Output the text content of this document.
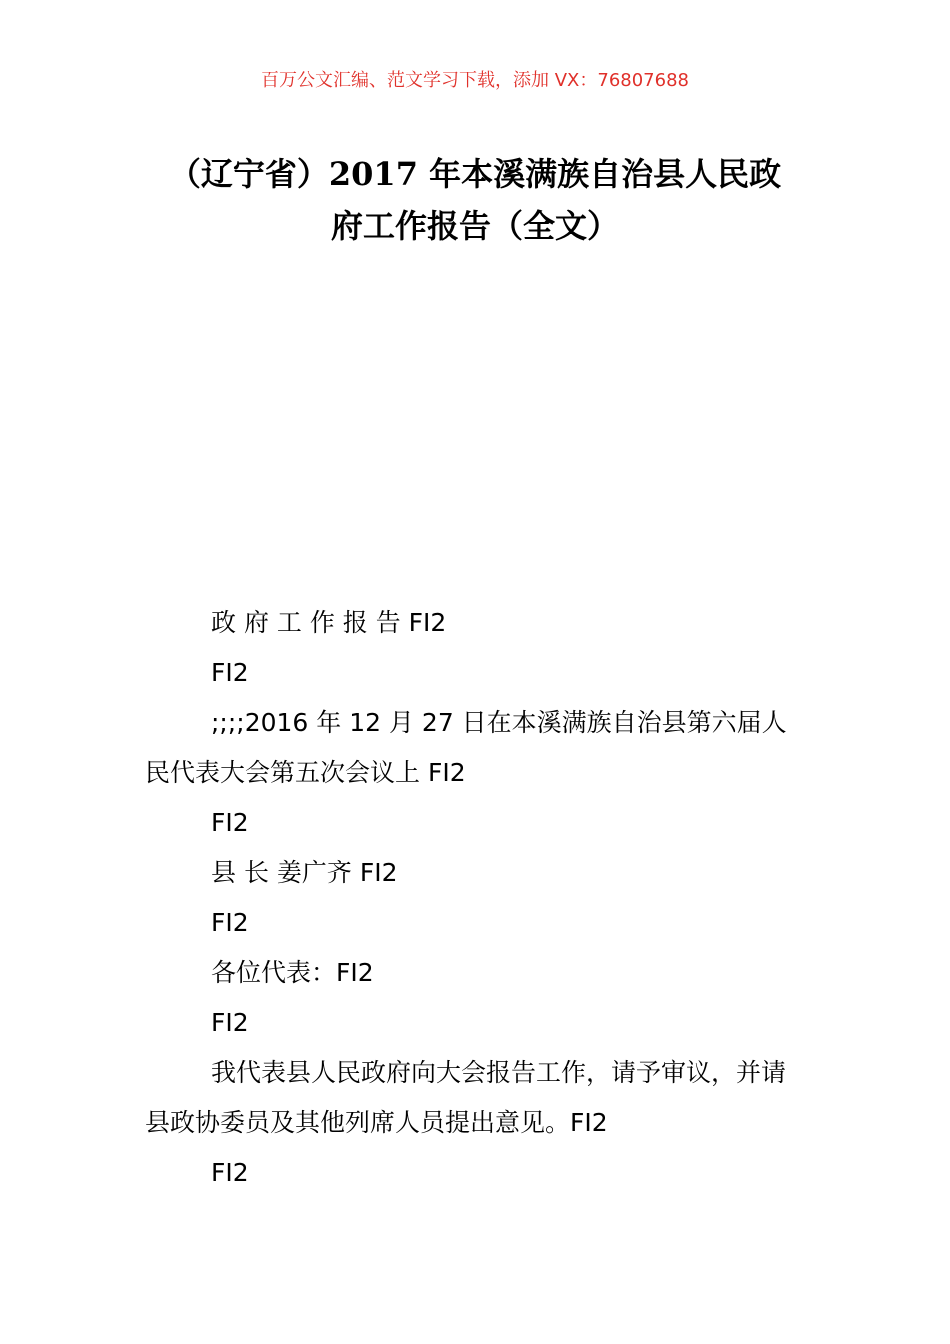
百万公文汇编、范文学习下载，添加 VX：76807688
（辽宁省）2017 年本溪满族自治县人民政
府工作报告（全文）

政 府 工 作 报 告 FI2

FI2

;;;;2016 年 12 月 27 日在本溪满族自治县第六届人民代表大会第五次会议上 FI2

FI2

县 长 姜广齐 FI2

FI2

各位代表：FI2

FI2

我代表县人民政府向大会报告工作，请予审议，并请县政协委员及其他列席人员提出意见。FI2

FI2
